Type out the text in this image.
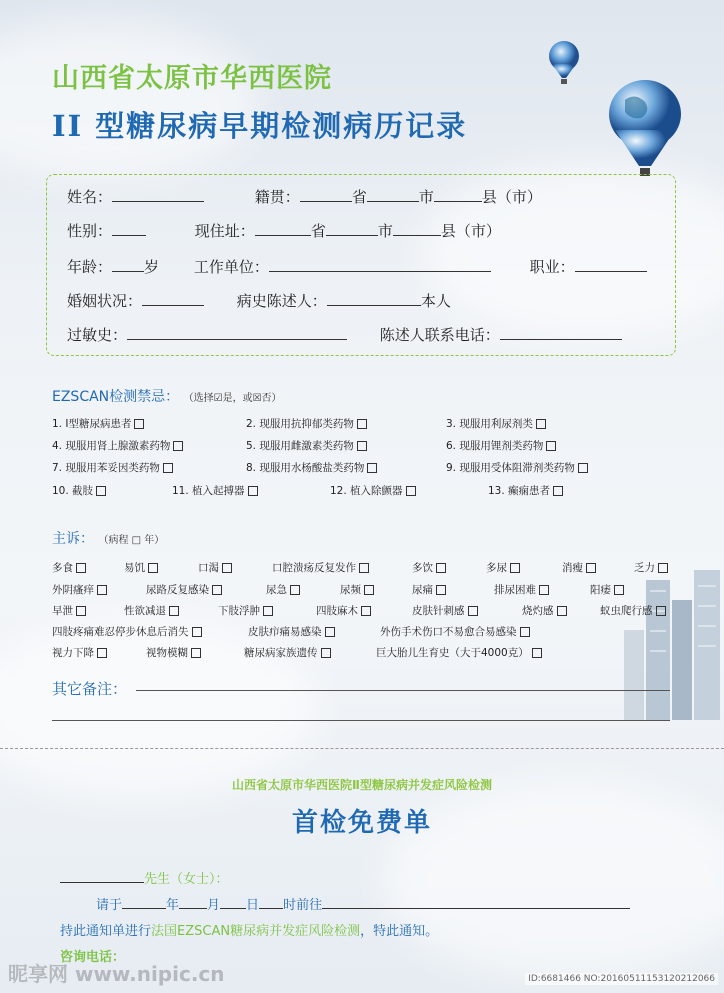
山西省太原市华西医院
II 型糖尿病早期检测病历记录
姓名：	籍贯：	省	市	县（市）
性别：	现住址：	省	市	县（市）
年龄： 岁 工作单位：	职业：
婚姻状况：	病史陈述人：	本人
过敏史：	陈述人联系电话：
EZSCAN检测禁忌： （选择☑是，或☒否）
1. Ⅰ型糖尿病患者	2. 现服用抗抑郁类药物	3. 现服用利尿剂类
4. 现服用肾上腺激素药物	5. 现服用雌激素类药物	6. 现服用锂剂类药物
7. 现服用苯妥因类药物	8. 现服用水杨酸盐类药物	9. 现服用受体阻滞剂类药物
10. 截肢	11. 植入起搏器	12. 植入除颤器	13. 癫痫患者
主诉： （病程 □ 年）
多食	易饥	口渴	口腔溃疡反复发作	多饮	多尿	消瘦	乏力
外阴瘙痒	尿路反复感染	尿急	尿频	尿痛	排尿困难	阳痿
早泄	性欲减退	下肢浮肿	四肢麻木	皮肤针刺感	烧灼感	蚁虫爬行感
四肢疼痛难忍停步休息后消失	皮肤疖痛易感染	外伤手术伤口不易愈合易感染
视力下降	视物模糊	糖尿病家族遗传	巨大胎儿生育史（大于4000克）
其它备注：
山西省太原市华西医院Ⅱ型糖尿病并发症风险检测
首检免费单
先生（女士）：
请于	年 月 日 时前往
持此通知单进行法国EZSCAN糖尿病并发症风险检测，特此通知。
咨询电话：
昵享网 www.nipic.cn	ID:6681466 NO:20160511153120212066
